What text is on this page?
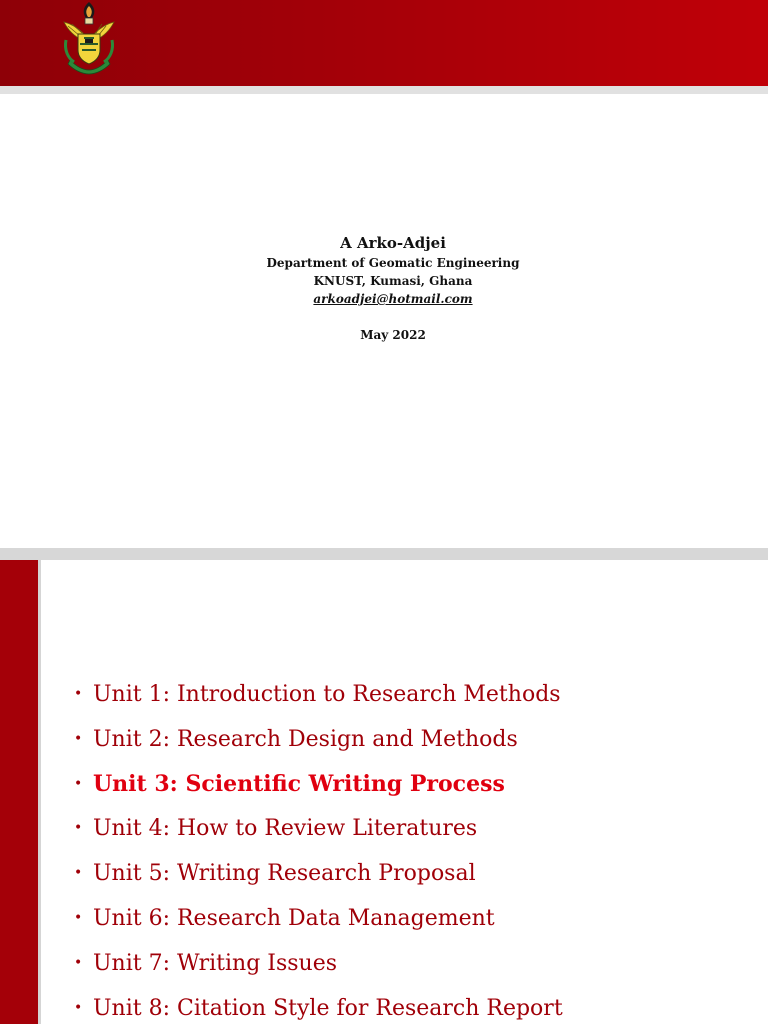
A Arko-Adjei
Department of Geomatic Engineering
KNUST, Kumasi, Ghana
arkoadjei@hotmail.com
May 2022
• Unit 1: Introduction to Research Methods
• Unit 2: Research Design and Methods
• Unit 3: Scientific Writing Process
• Unit 4: How to Review Literatures
• Unit 5: Writing Research Proposal
• Unit 6: Research Data Management
• Unit 7: Writing Issues
• Unit 8: Citation Style for Research Report
